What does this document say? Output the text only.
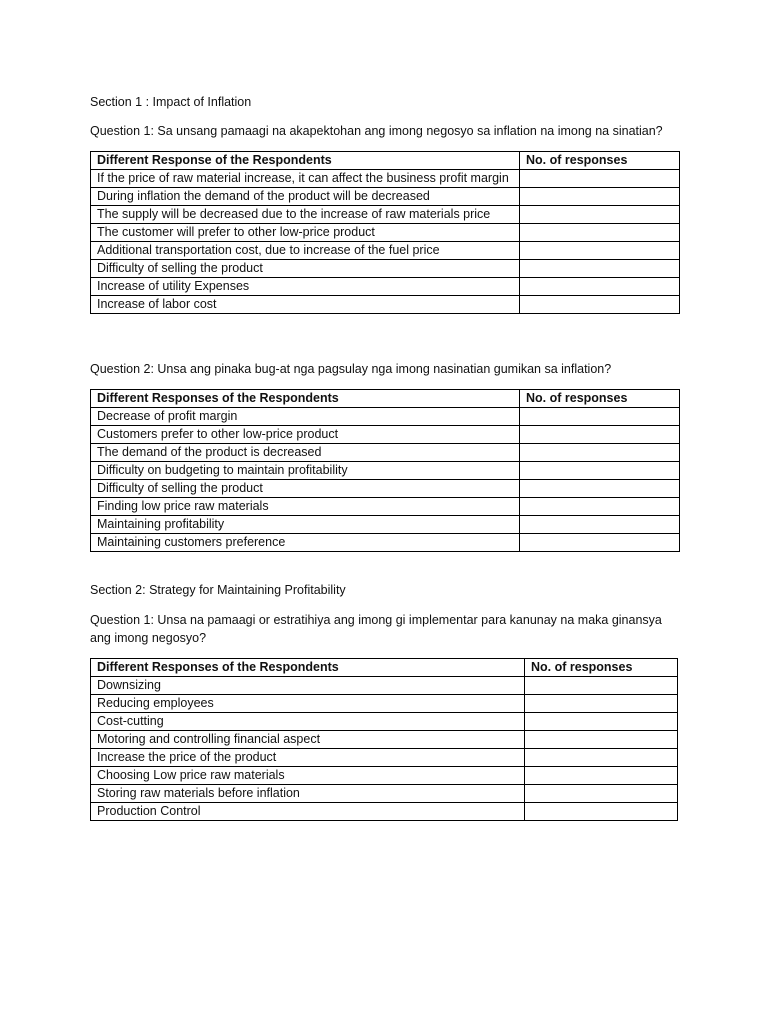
Section 1 : Impact of Inflation

Question 1: Sa unsang pamaagi na akapektohan ang imong negosyo sa inflation na imong na sinatian?

Different Response of the Respondents	No. of responses
If the price of raw material increase, it can affect the business profit margin	
During inflation the demand of the product will be decreased	
The supply will be decreased due to the increase of raw materials price	
The customer will prefer to other low-price product	
Additional transportation cost, due to increase of the fuel price	
Difficulty of selling the product	
Increase of utility Expenses	
Increase of labor cost	

Question 2: Unsa ang pinaka bug-at nga pagsulay nga imong nasinatian gumikan sa inflation?

Different Responses of the Respondents	No. of responses
Decrease of profit margin	
Customers prefer to other low-price product	
The demand of the product is decreased	
Difficulty on budgeting to maintain profitability	
Difficulty of selling the product	
Finding low price raw materials	
Maintaining profitability	
Maintaining customers preference	

Section 2: Strategy for Maintaining Profitability

Question 1: Unsa na pamaagi or estratihiya ang imong gi implementar para kanunay na maka ginansya ang imong negosyo?

Different Responses of the Respondents	No. of responses
Downsizing	
Reducing employees	
Cost-cutting	
Motoring and controlling financial aspect	
Increase the price of the product	
Choosing Low price raw materials	
Storing raw materials before inflation	
Production Control	
